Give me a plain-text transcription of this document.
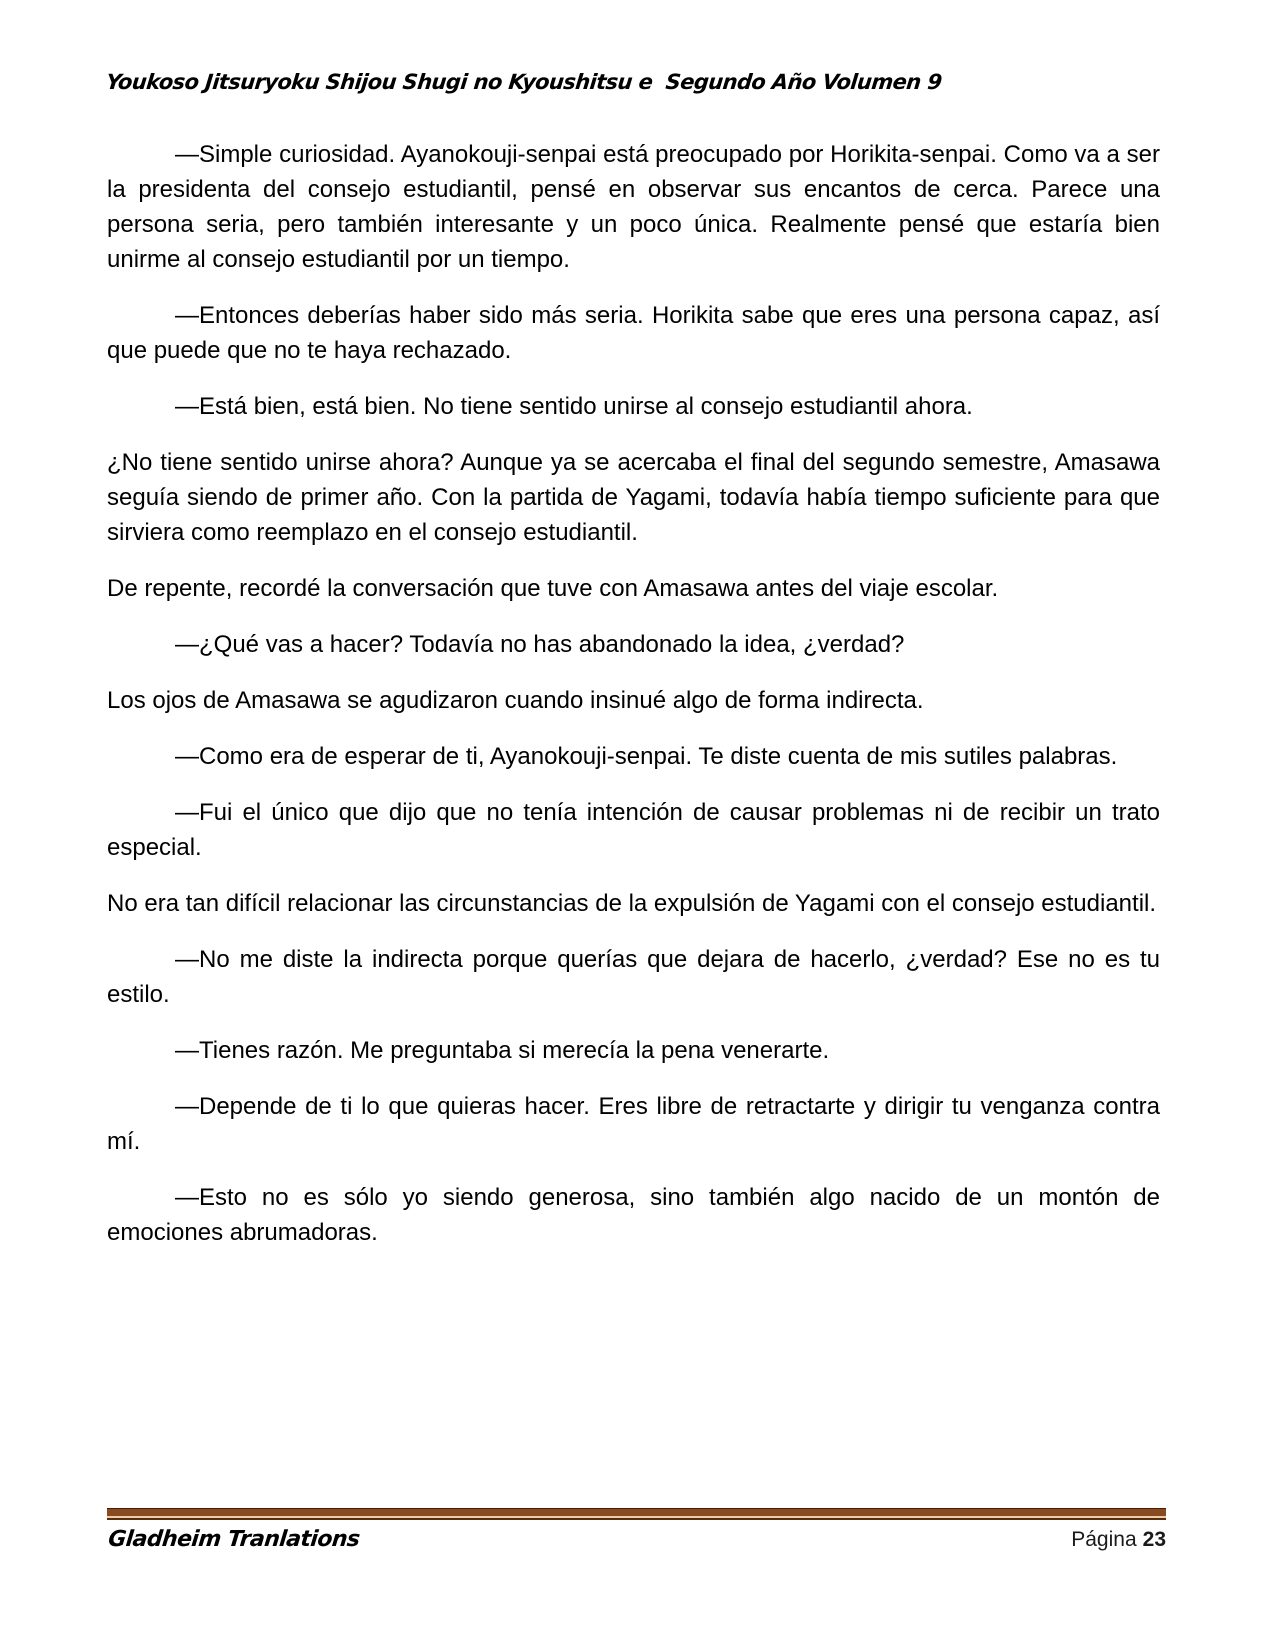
Youkoso Jitsuryoku Shijou Shugi no Kyoushitsu e  Segundo Año Volumen 9

—Simple curiosidad. Ayanokouji-senpai está preocupado por Horikita-senpai. Como va a ser la presidenta del consejo estudiantil, pensé en observar sus encantos de cerca. Parece una persona seria, pero también interesante y un poco única. Realmente pensé que estaría bien unirme al consejo estudiantil por un tiempo.

—Entonces deberías haber sido más seria. Horikita sabe que eres una persona capaz, así que puede que no te haya rechazado.

—Está bien, está bien. No tiene sentido unirse al consejo estudiantil ahora.

¿No tiene sentido unirse ahora? Aunque ya se acercaba el final del segundo semestre, Amasawa seguía siendo de primer año. Con la partida de Yagami, todavía había tiempo suficiente para que sirviera como reemplazo en el consejo estudiantil.

De repente, recordé la conversación que tuve con Amasawa antes del viaje escolar.

—¿Qué vas a hacer? Todavía no has abandonado la idea, ¿verdad?

Los ojos de Amasawa se agudizaron cuando insinué algo de forma indirecta.

—Como era de esperar de ti, Ayanokouji-senpai. Te diste cuenta de mis sutiles palabras.

—Fui el único que dijo que no tenía intención de causar problemas ni de recibir un trato especial.

No era tan difícil relacionar las circunstancias de la expulsión de Yagami con el consejo estudiantil.

—No me diste la indirecta porque querías que dejara de hacerlo, ¿verdad? Ese no es tu estilo.

—Tienes razón. Me preguntaba si merecía la pena venerarte.

—Depende de ti lo que quieras hacer. Eres libre de retractarte y dirigir tu venganza contra mí.

—Esto no es sólo yo siendo generosa, sino también algo nacido de un montón de emociones abrumadoras.

Gladheim Tranlations	Página 23
